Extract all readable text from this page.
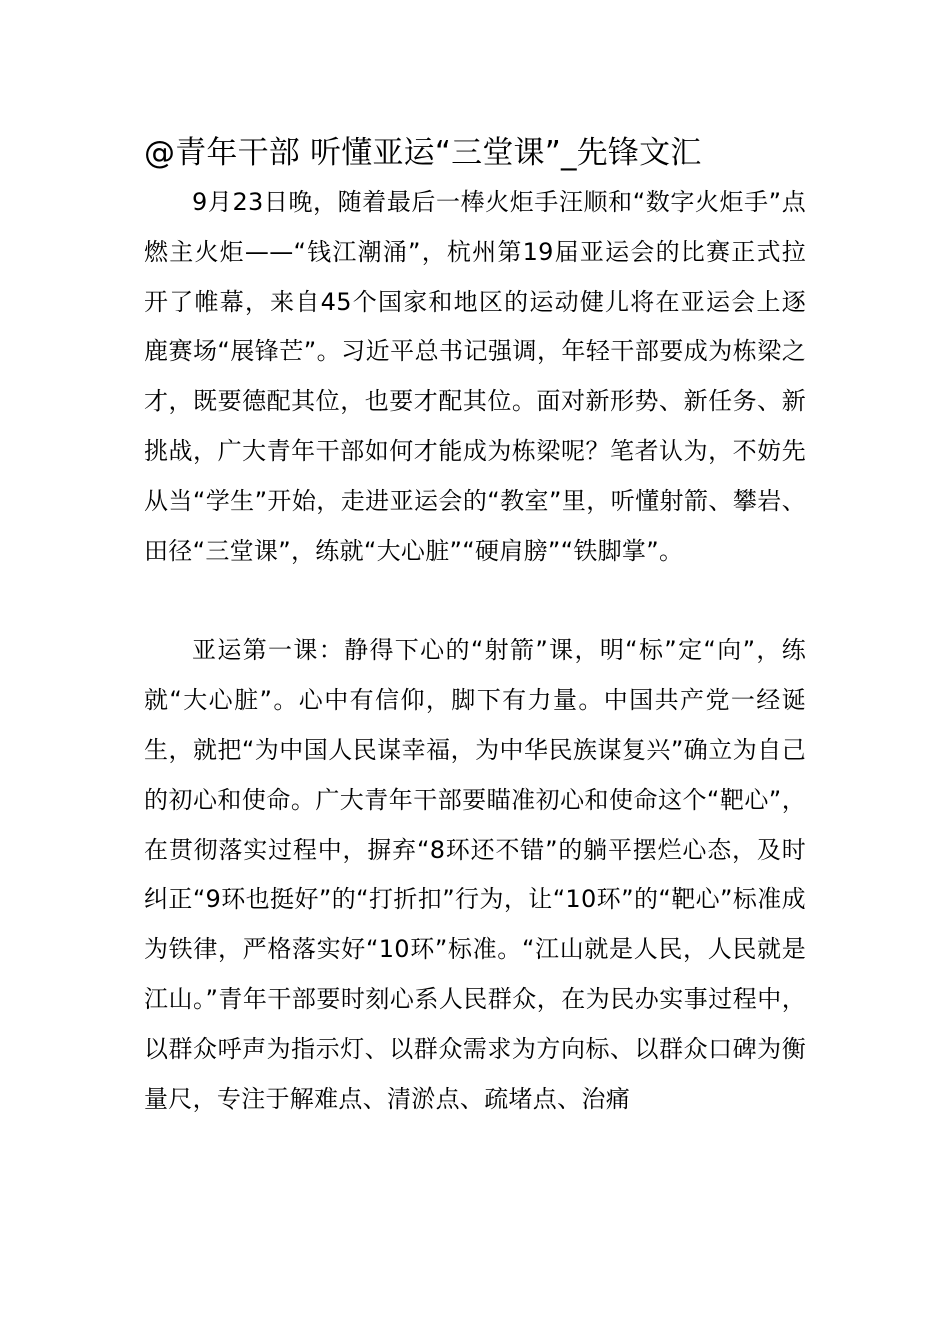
@青年干部 听懂亚运“三堂课”_先锋文汇

9月23日晚，随着最后一棒火炬手汪顺和“数字火炬手”点燃主火炬——“钱江潮涌”，杭州第19届亚运会的比赛正式拉开了帷幕，来自45个国家和地区的运动健儿将在亚运会上逐鹿赛场“展锋芒”。习近平总书记强调，年轻干部要成为栋梁之才，既要德配其位，也要才配其位。面对新形势、新任务、新挑战，广大青年干部如何才能成为栋梁呢？笔者认为，不妨先从当“学生”开始，走进亚运会的“教室”里，听懂射箭、攀岩、田径“三堂课”，练就“大心脏”“硬肩膀”“铁脚掌”。

亚运第一课：静得下心的“射箭”课，明“标”定“向”，练就“大心脏”。心中有信仰，脚下有力量。中国共产党一经诞生，就把“为中国人民谋幸福，为中华民族谋复兴”确立为自己的初心和使命。广大青年干部要瞄准初心和使命这个“靶心”，在贯彻落实过程中，摒弃“8环还不错”的躺平摆烂心态，及时纠正“9环也挺好”的“打折扣”行为，让“10环”的“靶心”标准成为铁律，严格落实好“10环”标准。“江山就是人民，人民就是江山。”青年干部要时刻心系人民群众，在为民办实事过程中，以群众呼声为指示灯、以群众需求为方向标、以群众口碑为衡量尺，专注于解难点、清淤点、疏堵点、治痛
